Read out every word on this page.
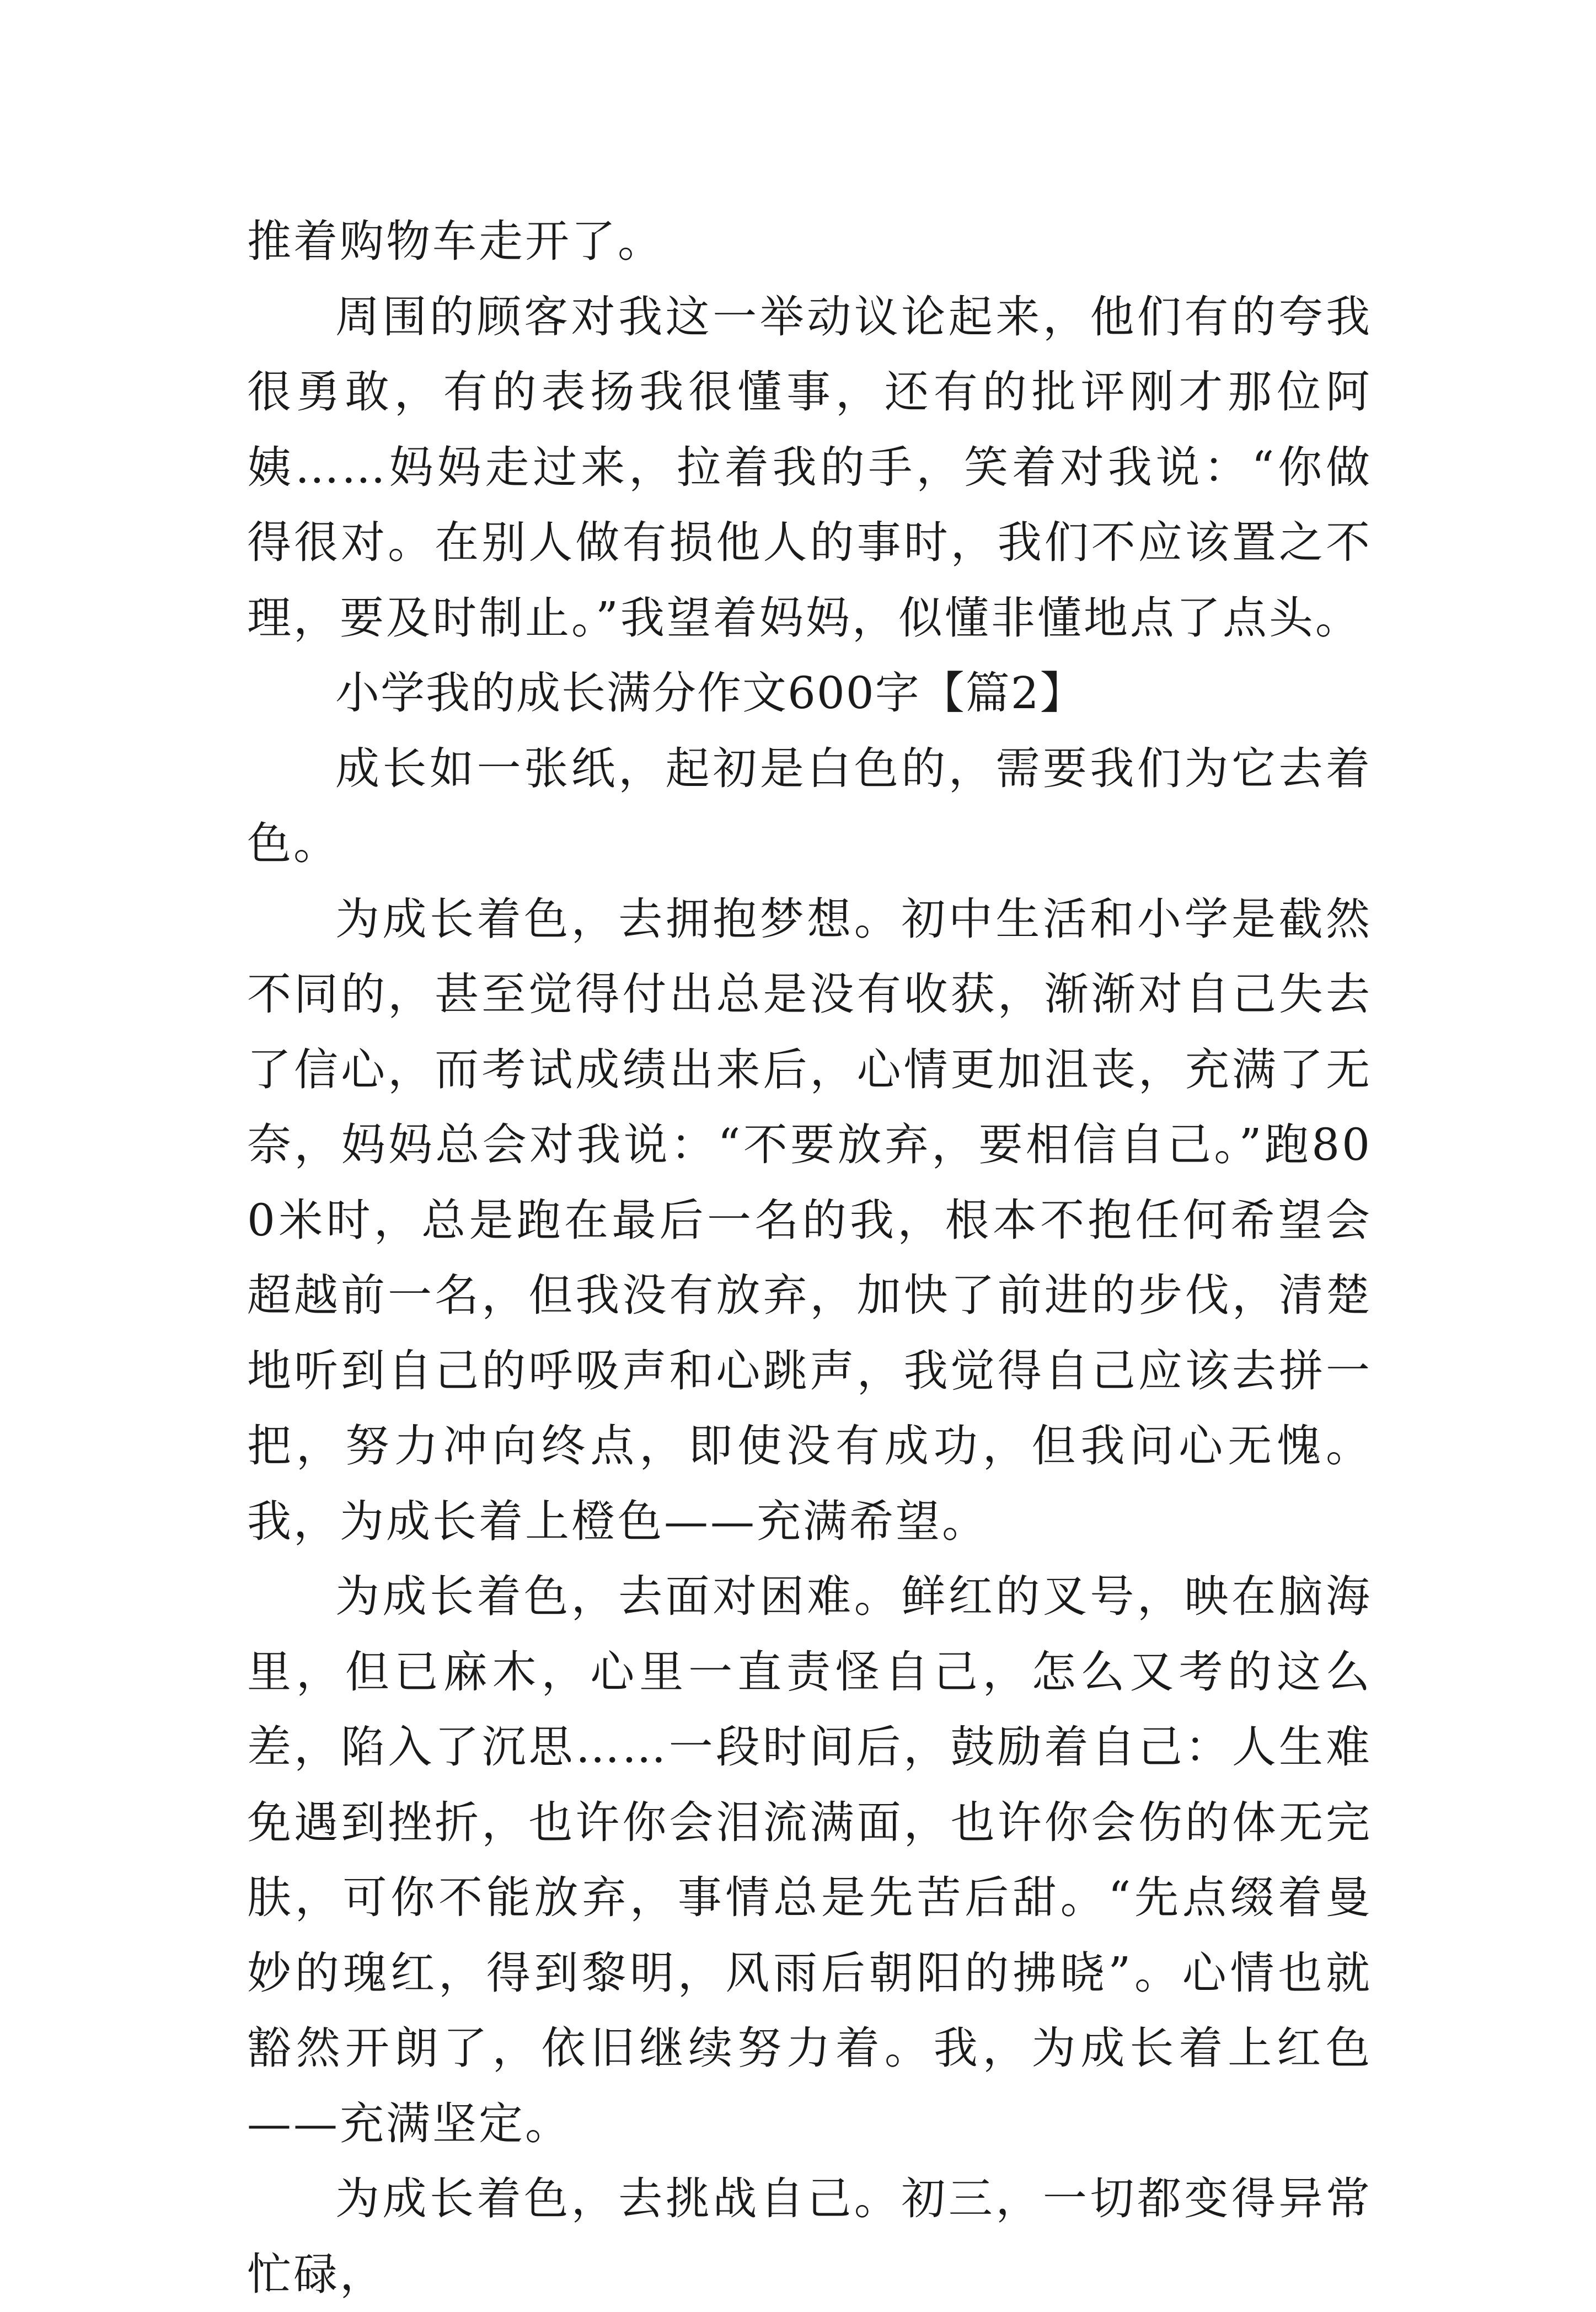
推着购物车走开了。

周围的顾客对我这一举动议论起来，他们有的夸我很勇敢，有的表扬我很懂事，还有的批评刚才那位阿姨……妈妈走过来，拉着我的手，笑着对我说：“你做得很对。在别人做有损他人的事时，我们不应该置之不理，要及时制止。”我望着妈妈，似懂非懂地点了点头。

小学我的成长满分作文600字【篇2】

成长如一张纸，起初是白色的，需要我们为它去着色。

为成长着色，去拥抱梦想。初中生活和小学是截然不同的，甚至觉得付出总是没有收获，渐渐对自己失去了信心，而考试成绩出来后，心情更加沮丧，充满了无奈，妈妈总会对我说：“不要放弃，要相信自己。”跑800米时，总是跑在最后一名的我，根本不抱任何希望会超越前一名，但我没有放弃，加快了前进的步伐，清楚地听到自己的呼吸声和心跳声，我觉得自己应该去拼一把，努力冲向终点，即使没有成功，但我问心无愧。我，为成长着上橙色——充满希望。

为成长着色，去面对困难。鲜红的叉号，映在脑海里，但已麻木，心里一直责怪自己，怎么又考的这么差，陷入了沉思……一段时间后，鼓励着自己：人生难免遇到挫折，也许你会泪流满面，也许你会伤的体无完肤，可你不能放弃，事情总是先苦后甜。“先点缀着曼妙的瑰红，得到黎明，风雨后朝阳的拂晓”。心情也就豁然开朗了，依旧继续努力着。我，为成长着上红色——充满坚定。

为成长着色，去挑战自己。初三，一切都变得异常忙碌，
